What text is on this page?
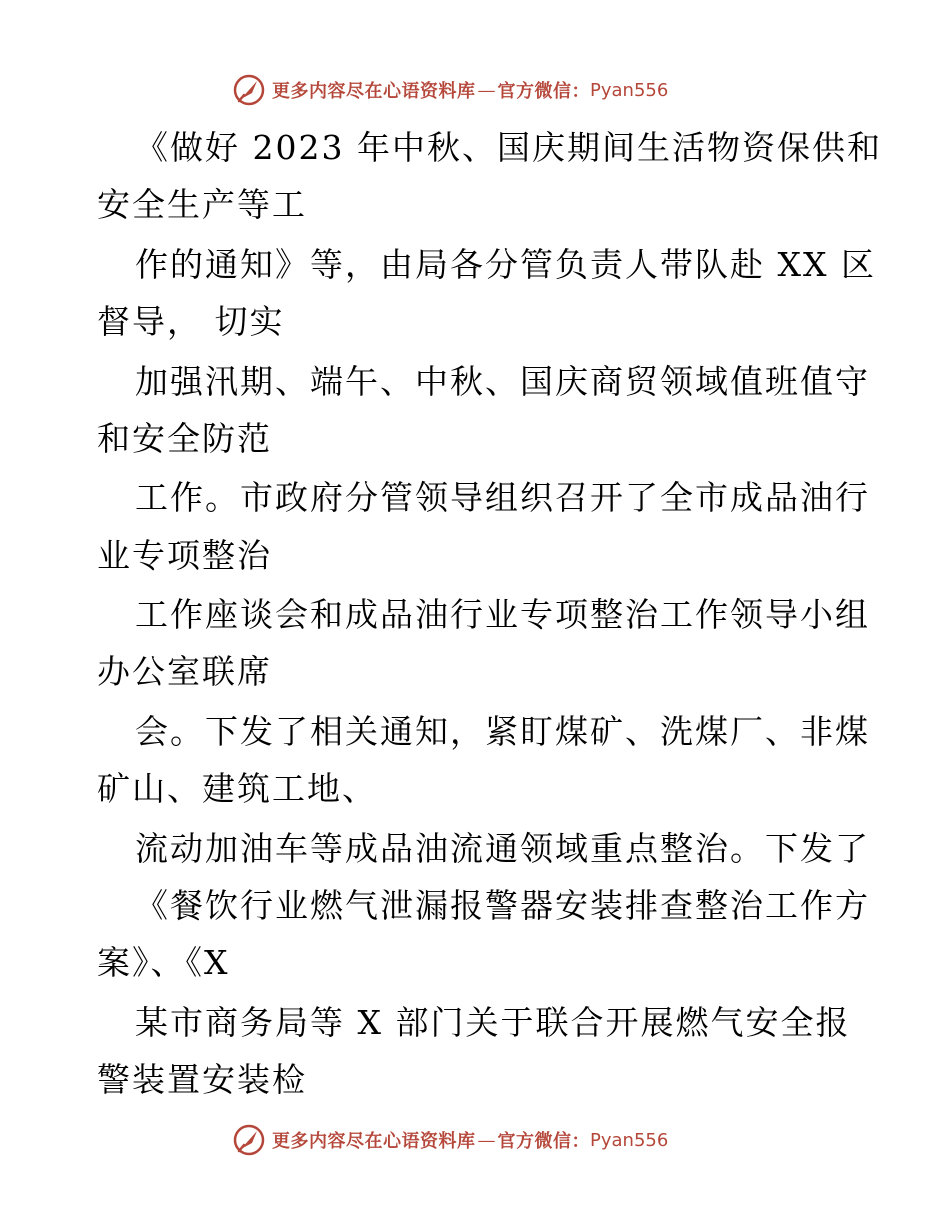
更多内容尽在心语资料库 — 官方微信： Pyan556
《做好 2023 年中秋、国庆期间生活物资保供和
安全生产等工
作的通知》等，由局各分管负责人带队赴 XX 区
督导， 切实
加强汛期、端午、中秋、国庆商贸领域值班值守
和安全防范
工作。市政府分管领导组织召开了全市成品油行
业专项整治
工作座谈会和成品油行业专项整治工作领导小组
办公室联席
会。下发了相关通知，紧盯煤矿、洗煤厂、非煤
矿山、建筑工地、
流动加油车等成品油流通领域重点整治。下发了
《餐饮行业燃气泄漏报警器安装排查整治工作方
案》、《X
某市商务局等 X 部门关于联合开展燃气安全报
警装置安装检
更多内容尽在心语资料库 — 官方微信： Pyan556
